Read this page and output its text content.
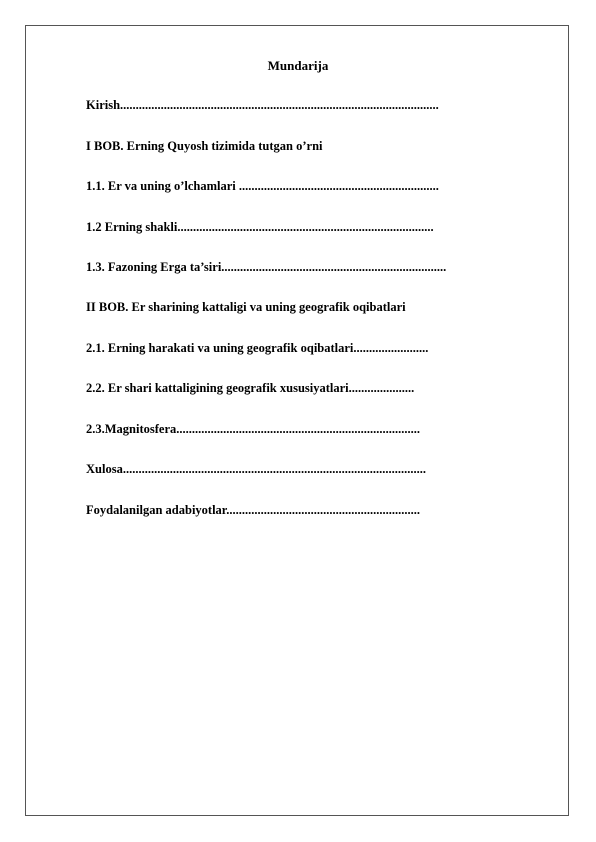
Mundarija
Kirish......................................................................................................
I BOB. Erning Quyosh tizimida tutgan o’rni
1.1. Er va uning o’lchamlari ................................................................
1.2 Erning shakli..................................................................................
1.3. Fazoning Erga ta’siri........................................................................
II BOB. Er sharining kattaligi va uning geografik oqibatlari
2.1. Erning harakati va uning geografik oqibatlari........................
2.2. Er shari kattaligining geografik xususiyatlari.....................
2.3.Magnitosfera..............................................................................
Xulosa.................................................................................................
Foydalanilgan adabiyotlar..............................................................
